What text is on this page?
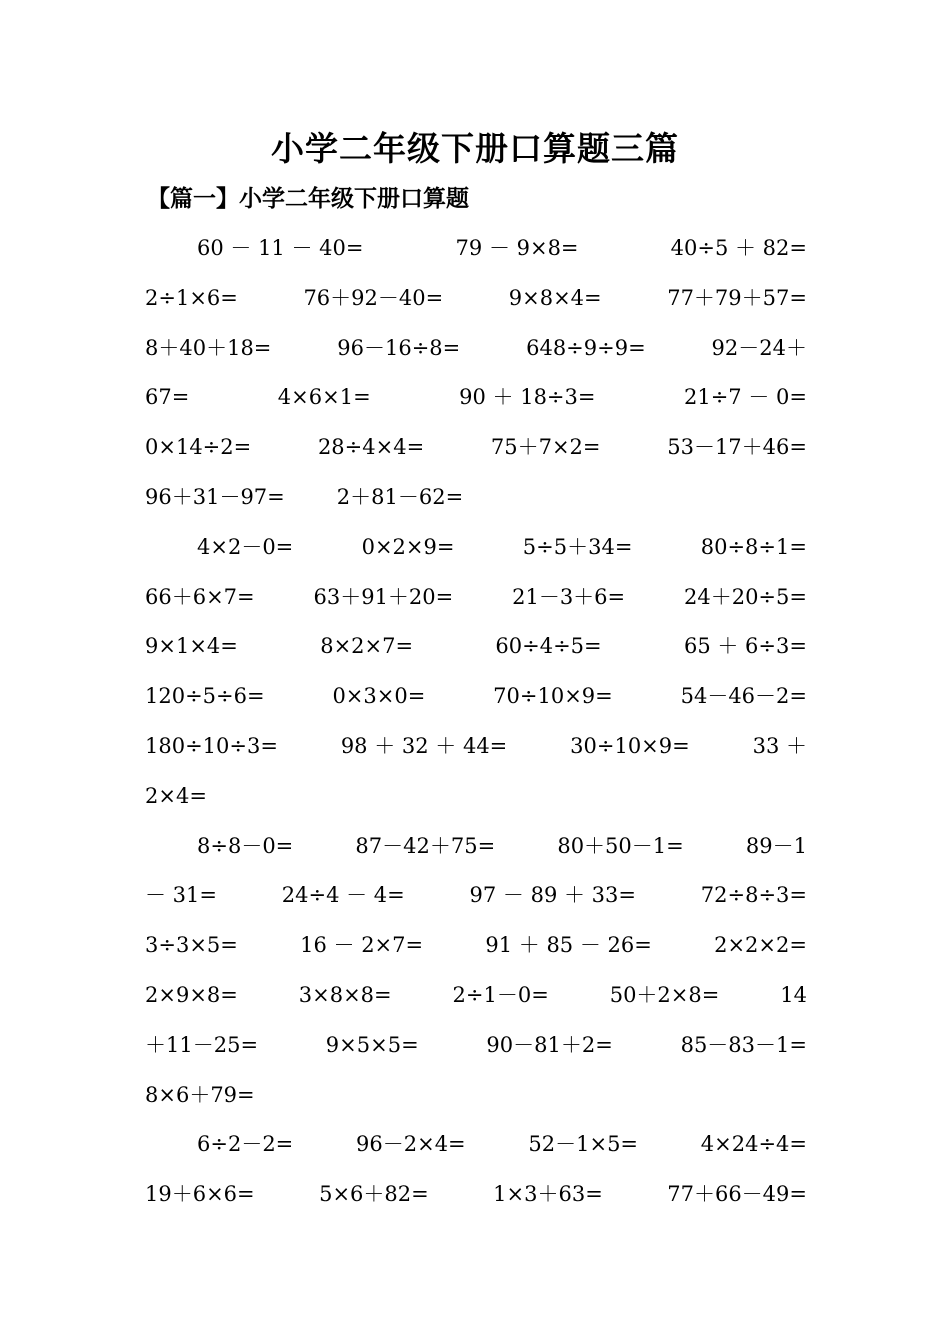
小学二年级下册口算题三篇
【篇一】小学二年级下册口算题
60 － 11 － 40=	79 － 9×8=	40÷5 ＋ 82=
2÷1×6=	76＋92－40=	9×8×4=	77＋79＋57=
8＋40＋18=	96－16÷8=	648÷9÷9=	92－24＋
67=	4×6×1=	90 ＋ 18÷3=	21÷7 － 0=
0×14÷2=	28÷4×4=	75＋7×2=	53－17＋46=
96＋31－97= 2＋81－62=
4×2－0=	0×2×9=	5÷5＋34=	80÷8÷1=
66＋6×7=	63＋91＋20=	21－3＋6=	24＋20÷5=
9×1×4=	8×2×7=	60÷4÷5=	65 ＋ 6÷3=
120÷5÷6=	0×3×0=	70÷10×9=	54－46－2=
180÷10÷3=	98 ＋ 32 ＋ 44=	30÷10×9=	33 ＋
2×4=
8÷8－0=	87－42＋75=	80＋50－1=	89－1
－ 31=	24÷4 － 4=	97 － 89 ＋ 33=	72÷8÷3=
3÷3×5=	16 － 2×7=	91 ＋ 85 － 26=	2×2×2=
2×9×8=	3×8×8=	2÷1－0=	50＋2×8=	14
＋11－25=	9×5×5=	90－81＋2=	85－83－1=
8×6＋79=
6÷2－2=	96－2×4=	52－1×5=	4×24÷4=
19＋6×6=	5×6＋82=	1×3＋63=	77＋66－49=
